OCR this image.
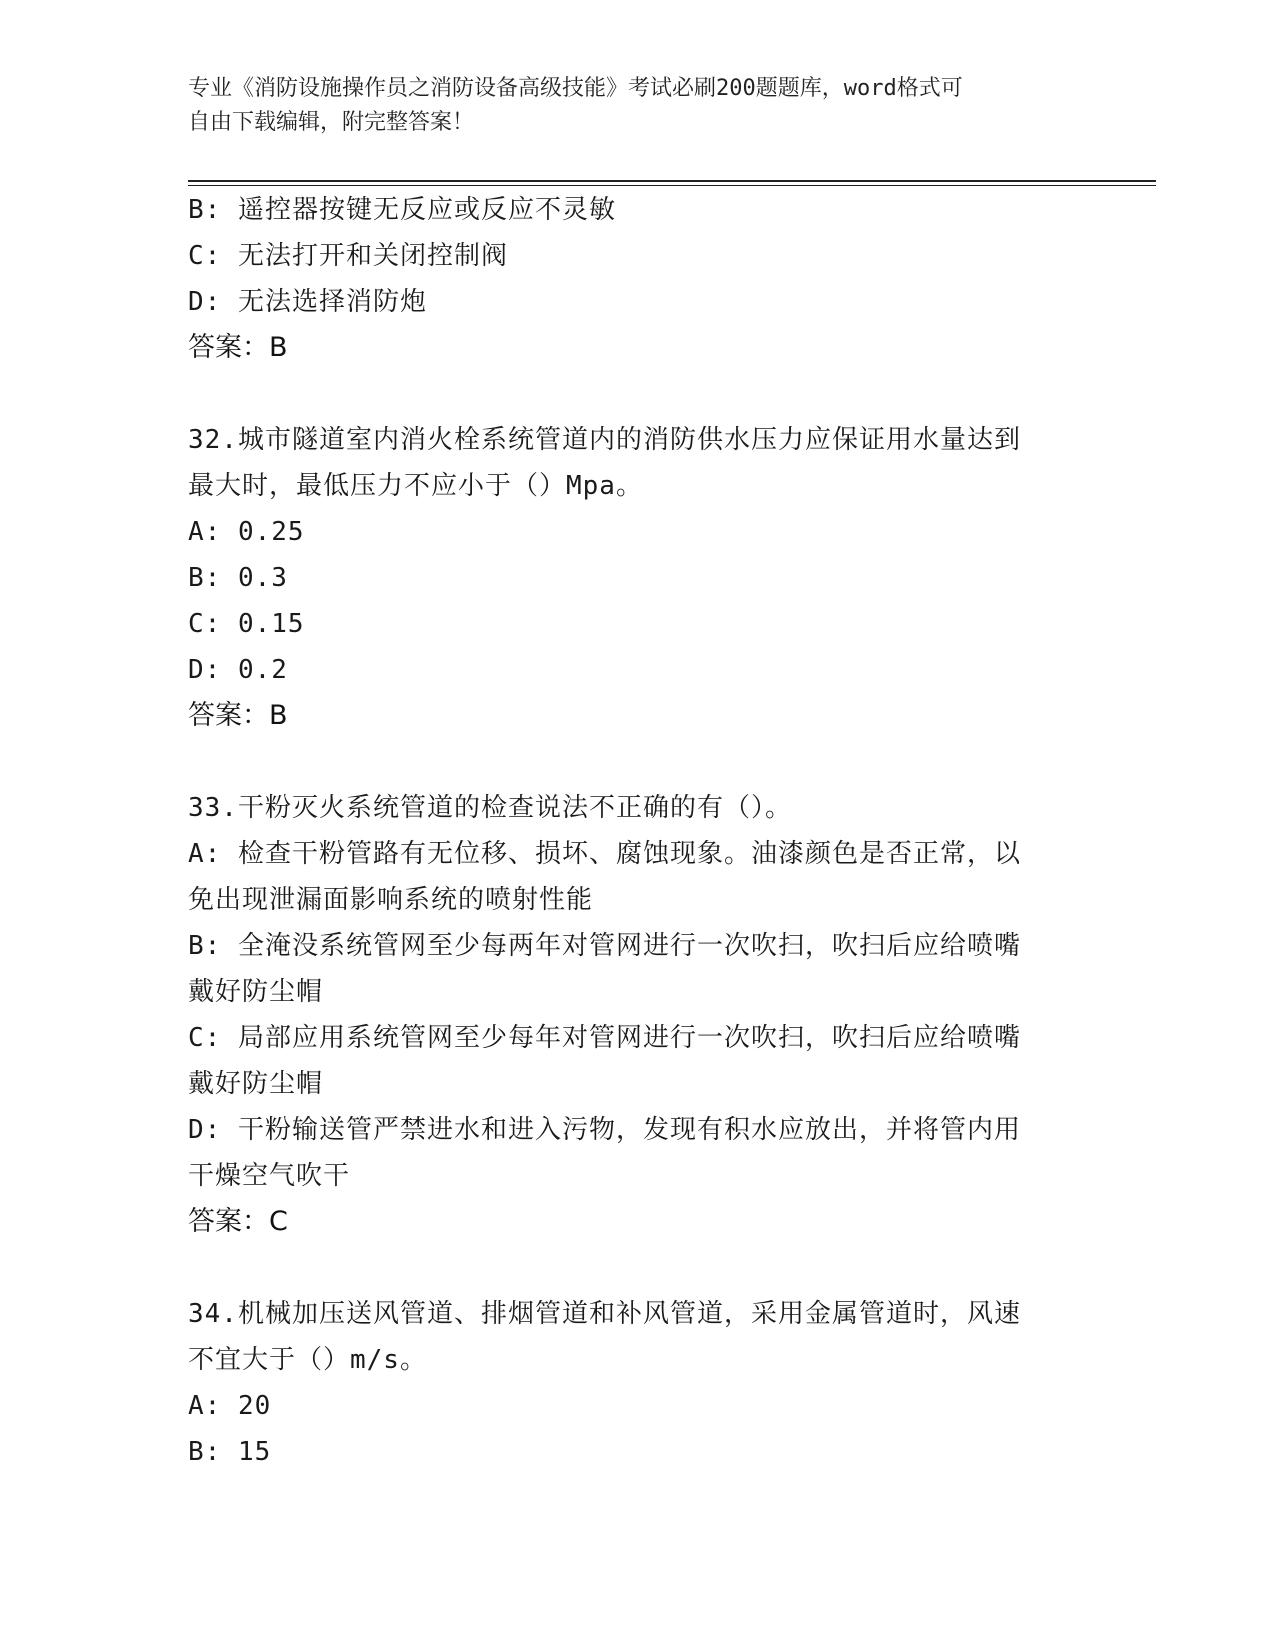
专业《消防设施操作员之消防设备高级技能》考试必刷200题题库，word格式可
自由下载编辑，附完整答案！
B: 遥控器按键无反应或反应不灵敏
C: 无法打开和关闭控制阀
D: 无法选择消防炮
答案：B
32.城市隧道室内消火栓系统管道内的消防供水压力应保证用水量达到
最大时，最低压力不应小于（）Mpa。
A: 0.25
B: 0.3
C: 0.15
D: 0.2
答案：B
33.干粉灭火系统管道的检查说法不正确的有（）。
A: 检查干粉管路有无位移、损坏、腐蚀现象。油漆颜色是否正常，以
免出现泄漏面影响系统的喷射性能
B: 全淹没系统管网至少每两年对管网进行一次吹扫，吹扫后应给喷嘴
戴好防尘帽
C: 局部应用系统管网至少每年对管网进行一次吹扫，吹扫后应给喷嘴
戴好防尘帽
D: 干粉输送管严禁进水和进入污物，发现有积水应放出，并将管内用
干燥空气吹干
答案：C
34.机械加压送风管道、排烟管道和补风管道，采用金属管道时，风速
不宜大于（）m/s。
A: 20
B: 15
